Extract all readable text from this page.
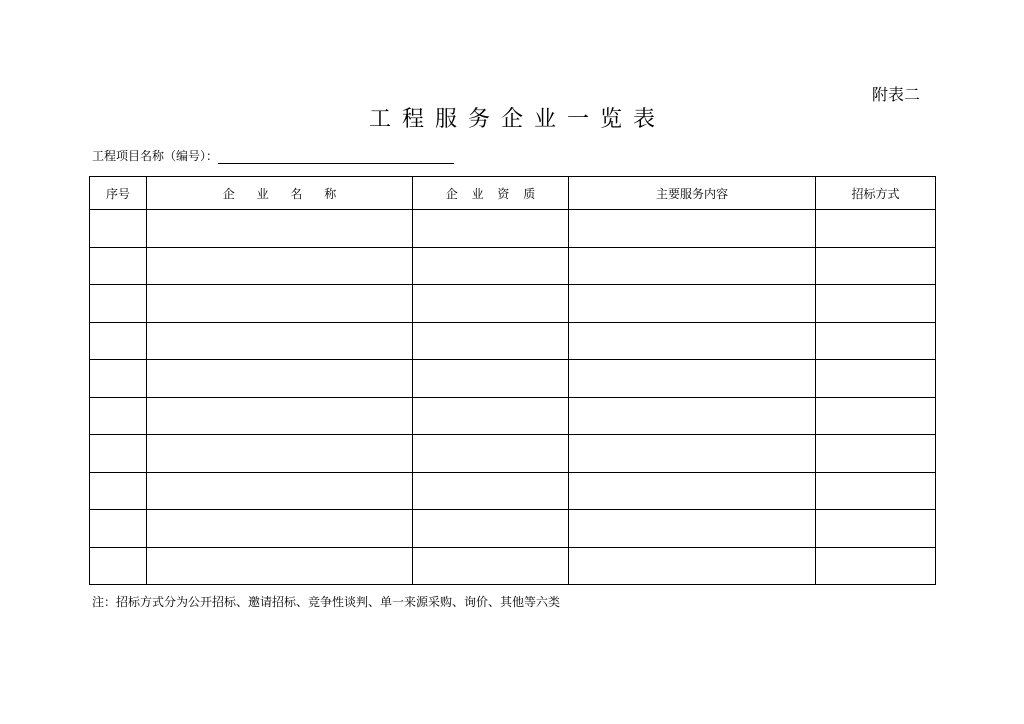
附表二
工程服务企业一览表
工程项目名称（编号）：
序号	企 业 名 称	企 业 资 质	主要服务内容	招标方式

注：招标方式分为公开招标、邀请招标、竞争性谈判、单一来源采购、询价、其他等六类
